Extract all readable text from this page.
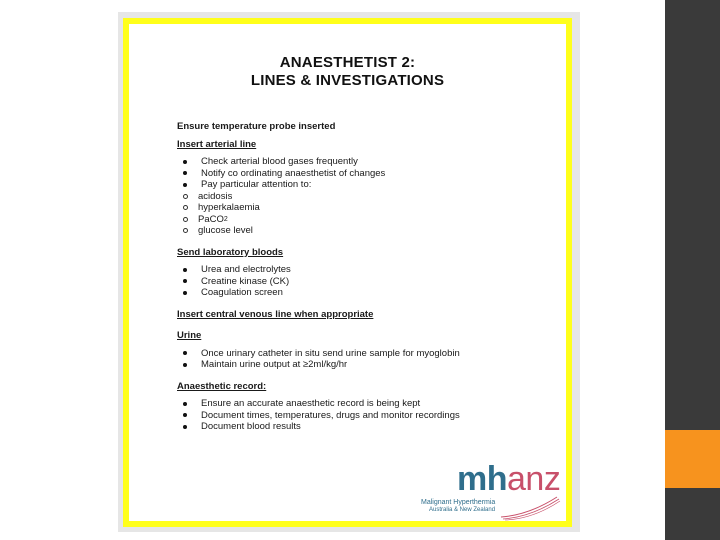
ANAESTHETIST 2:
LINES & INVESTIGATIONS
Ensure temperature probe inserted
Insert arterial line
Check arterial blood gases frequently
Notify co ordinating anaesthetist of changes
Pay particular attention to:
acidosis
hyperkalaemia
PaCO 2
glucose level
Send laboratory bloods
Urea and electrolytes
Creatine kinase (CK)
Coagulation screen
Insert central venous line when appropriate
Urine
Once urinary catheter in situ send urine sample for myoglobin
Maintain urine output at ≥2ml/kg/hr
Anaesthetic record:
Ensure an accurate anaesthetic record is being kept
Document times, temperatures, drugs and monitor recordings
Document blood results
mhanz
Malignant Hyperthermia
Australia & New Zealand
